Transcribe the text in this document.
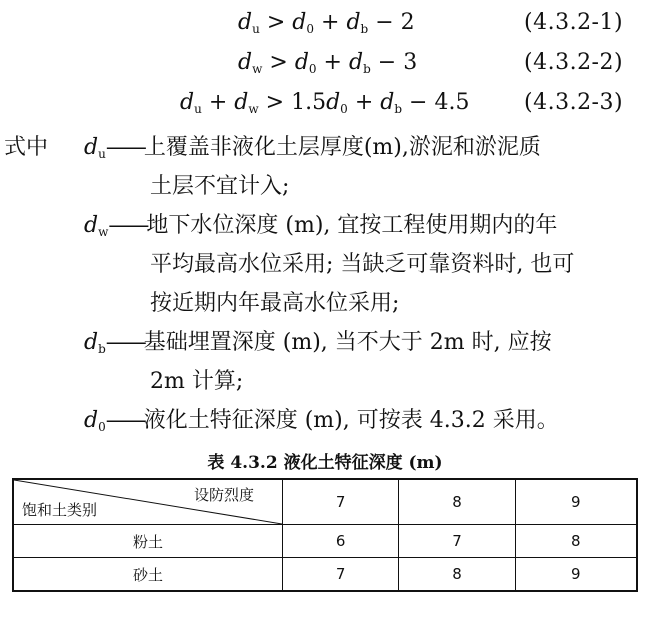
$d_u > d_0 + d_b - 2$	(4.3.2-1)
$d_w > d_0 + d_b - 3$	(4.3.2-2)
$d_u + d_w > 1.5d_0 + d_b - 4.5$ (4.3.2-3)
式中 $d_u——$上覆盖非液化土层厚度(m),淤泥和淤泥质
土层不宜计入;
$d_w——$地下水位深度 (m), 宜按工程使用期内的年
平均最高水位采用; 当缺乏可靠资料时, 也可
按近期内年最高水位采用;
$d_b——$基础埋置深度 (m), 当不大于 2m 时, 应按
2m 计算;
$d_0——$液化土特征深度 (m), 可按表 4.3.2 采用。
表 4.3.2 液化土特征深度 (m)
设防烈度
饱和土类别	7	8	9
粉土	6	7	8
砂土	7	8	9
